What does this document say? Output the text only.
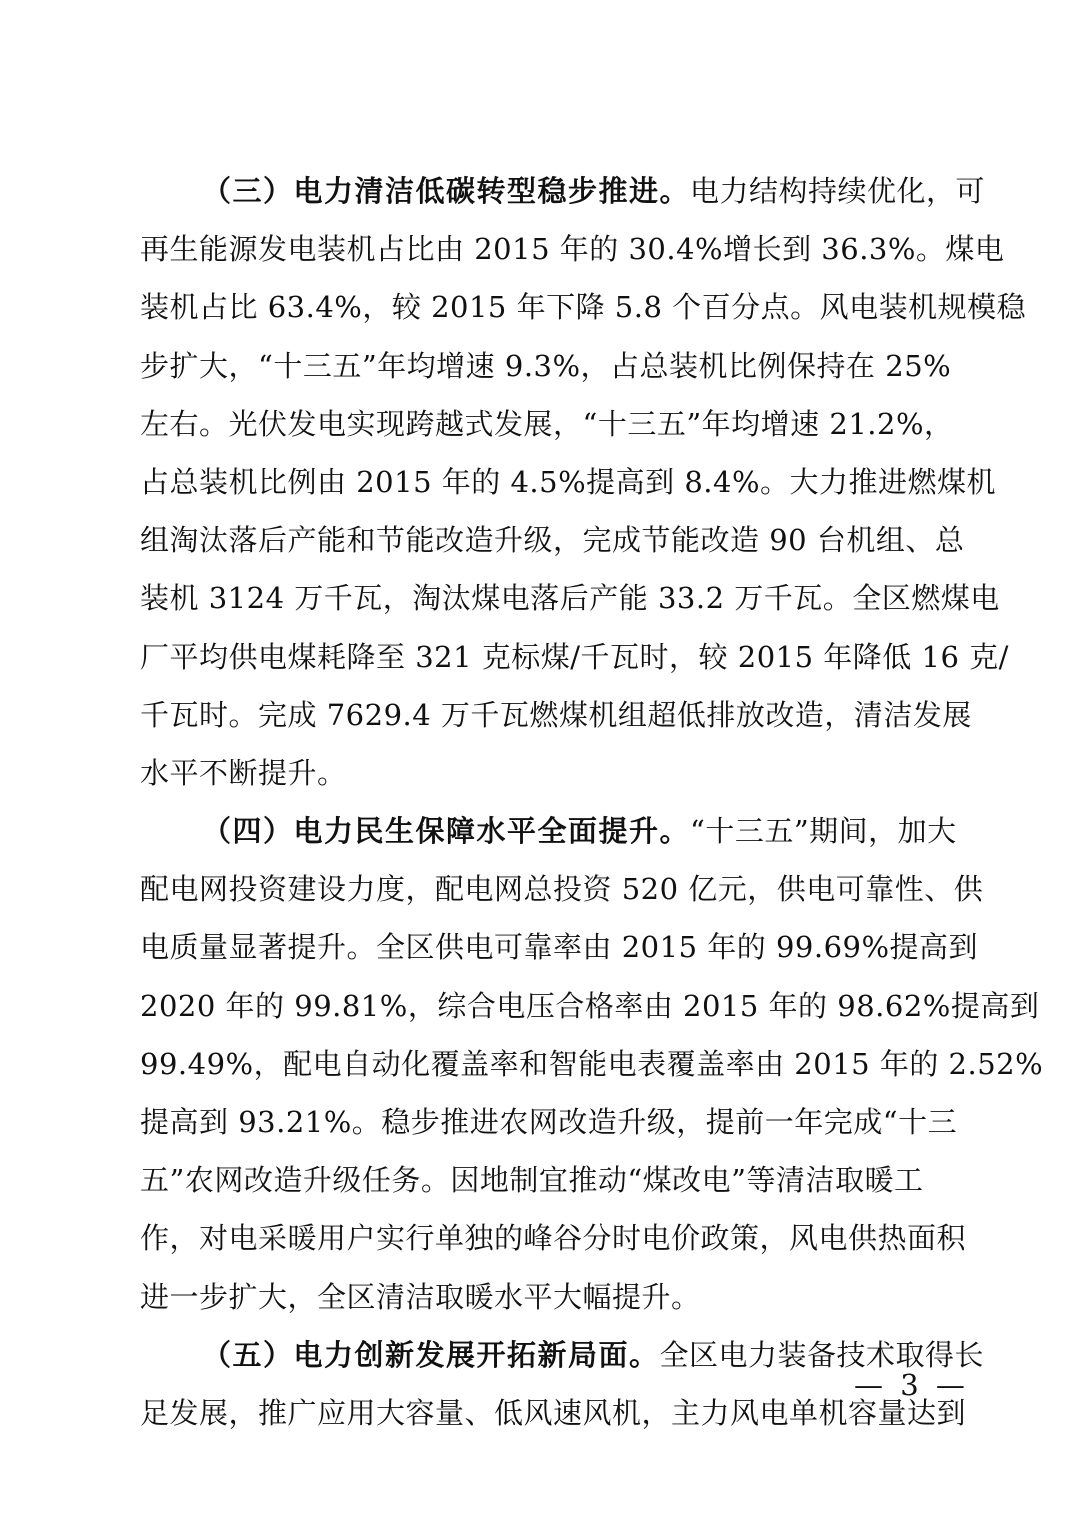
（三）电力清洁低碳转型稳步推进。电力结构持续优化，可
再生能源发电装机占比由 2015 年的 30.4%增长到 36.3%。煤电
装机占比 63.4%，较 2015 年下降 5.8 个百分点。风电装机规模稳
步扩大，“十三五”年均增速 9.3%，占总装机比例保持在 25%
左右。光伏发电实现跨越式发展，“十三五”年均增速 21.2%，
占总装机比例由 2015 年的 4.5%提高到 8.4%。大力推进燃煤机
组淘汰落后产能和节能改造升级，完成节能改造 90 台机组、总
装机 3124 万千瓦，淘汰煤电落后产能 33.2 万千瓦。全区燃煤电
厂平均供电煤耗降至 321 克标煤/千瓦时，较 2015 年降低 16 克/
千瓦时。完成 7629.4 万千瓦燃煤机组超低排放改造，清洁发展
水平不断提升。
（四）电力民生保障水平全面提升。“十三五”期间，加大
配电网投资建设力度，配电网总投资 520 亿元，供电可靠性、供
电质量显著提升。全区供电可靠率由 2015 年的 99.69%提高到
2020 年的 99.81%，综合电压合格率由 2015 年的 98.62%提高到
99.49%，配电自动化覆盖率和智能电表覆盖率由 2015 年的 2.52%
提高到 93.21%。稳步推进农网改造升级，提前一年完成“十三
五”农网改造升级任务。因地制宜推动“煤改电”等清洁取暖工
作，对电采暖用户实行单独的峰谷分时电价政策，风电供热面积
进一步扩大，全区清洁取暖水平大幅提升。
（五）电力创新发展开拓新局面。全区电力装备技术取得长
足发展，推广应用大容量、低风速风机，主力风电单机容量达到
— 3 —
